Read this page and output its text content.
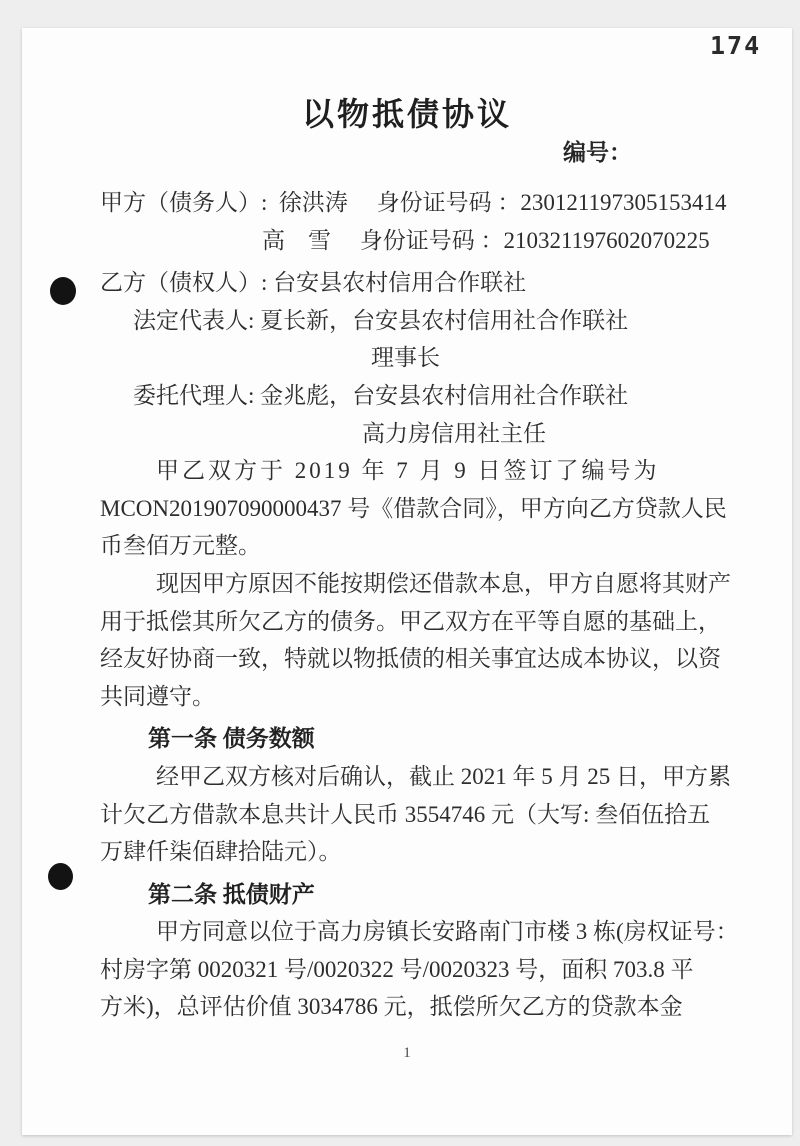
174
以物抵债协议
编号：
甲方（债务人）:  徐洪涛　 身份证号码 ：230121197305153414
高　雪　 身份证号码 ：210321197602070225
乙方（债权人）: 台安县农村信用合作联社
法定代表人: 夏长新，台安县农村信用社合作联社
理事长
委托代理人: 金兆彪，台安县农村信用社合作联社
高力房信用社主任
甲乙双方于 2019 年 7 月 9 日签订了编号为
MCON201907090000437 号《借款合同》，甲方向乙方贷款人民
币叁佰万元整。
现因甲方原因不能按期偿还借款本息，甲方自愿将其财产
用于抵偿其所欠乙方的债务。甲乙双方在平等自愿的基础上，
经友好协商一致，特就以物抵债的相关事宜达成本协议，以资
共同遵守。
第一条 债务数额
经甲乙双方核对后确认，截止 2021 年 5 月 25 日，甲方累
计欠乙方借款本息共计人民币 3554746 元（大写: 叁佰伍拾五
万肆仟柒佰肆拾陆元）。
第二条 抵债财产
甲方同意以位于高力房镇长安路南门市楼 3 栋(房权证号：
村房字第 0020321 号/0020322 号/0020323 号，面积 703.8 平
方米)，总评估价值 3034786 元，抵偿所欠乙方的贷款本金
1
